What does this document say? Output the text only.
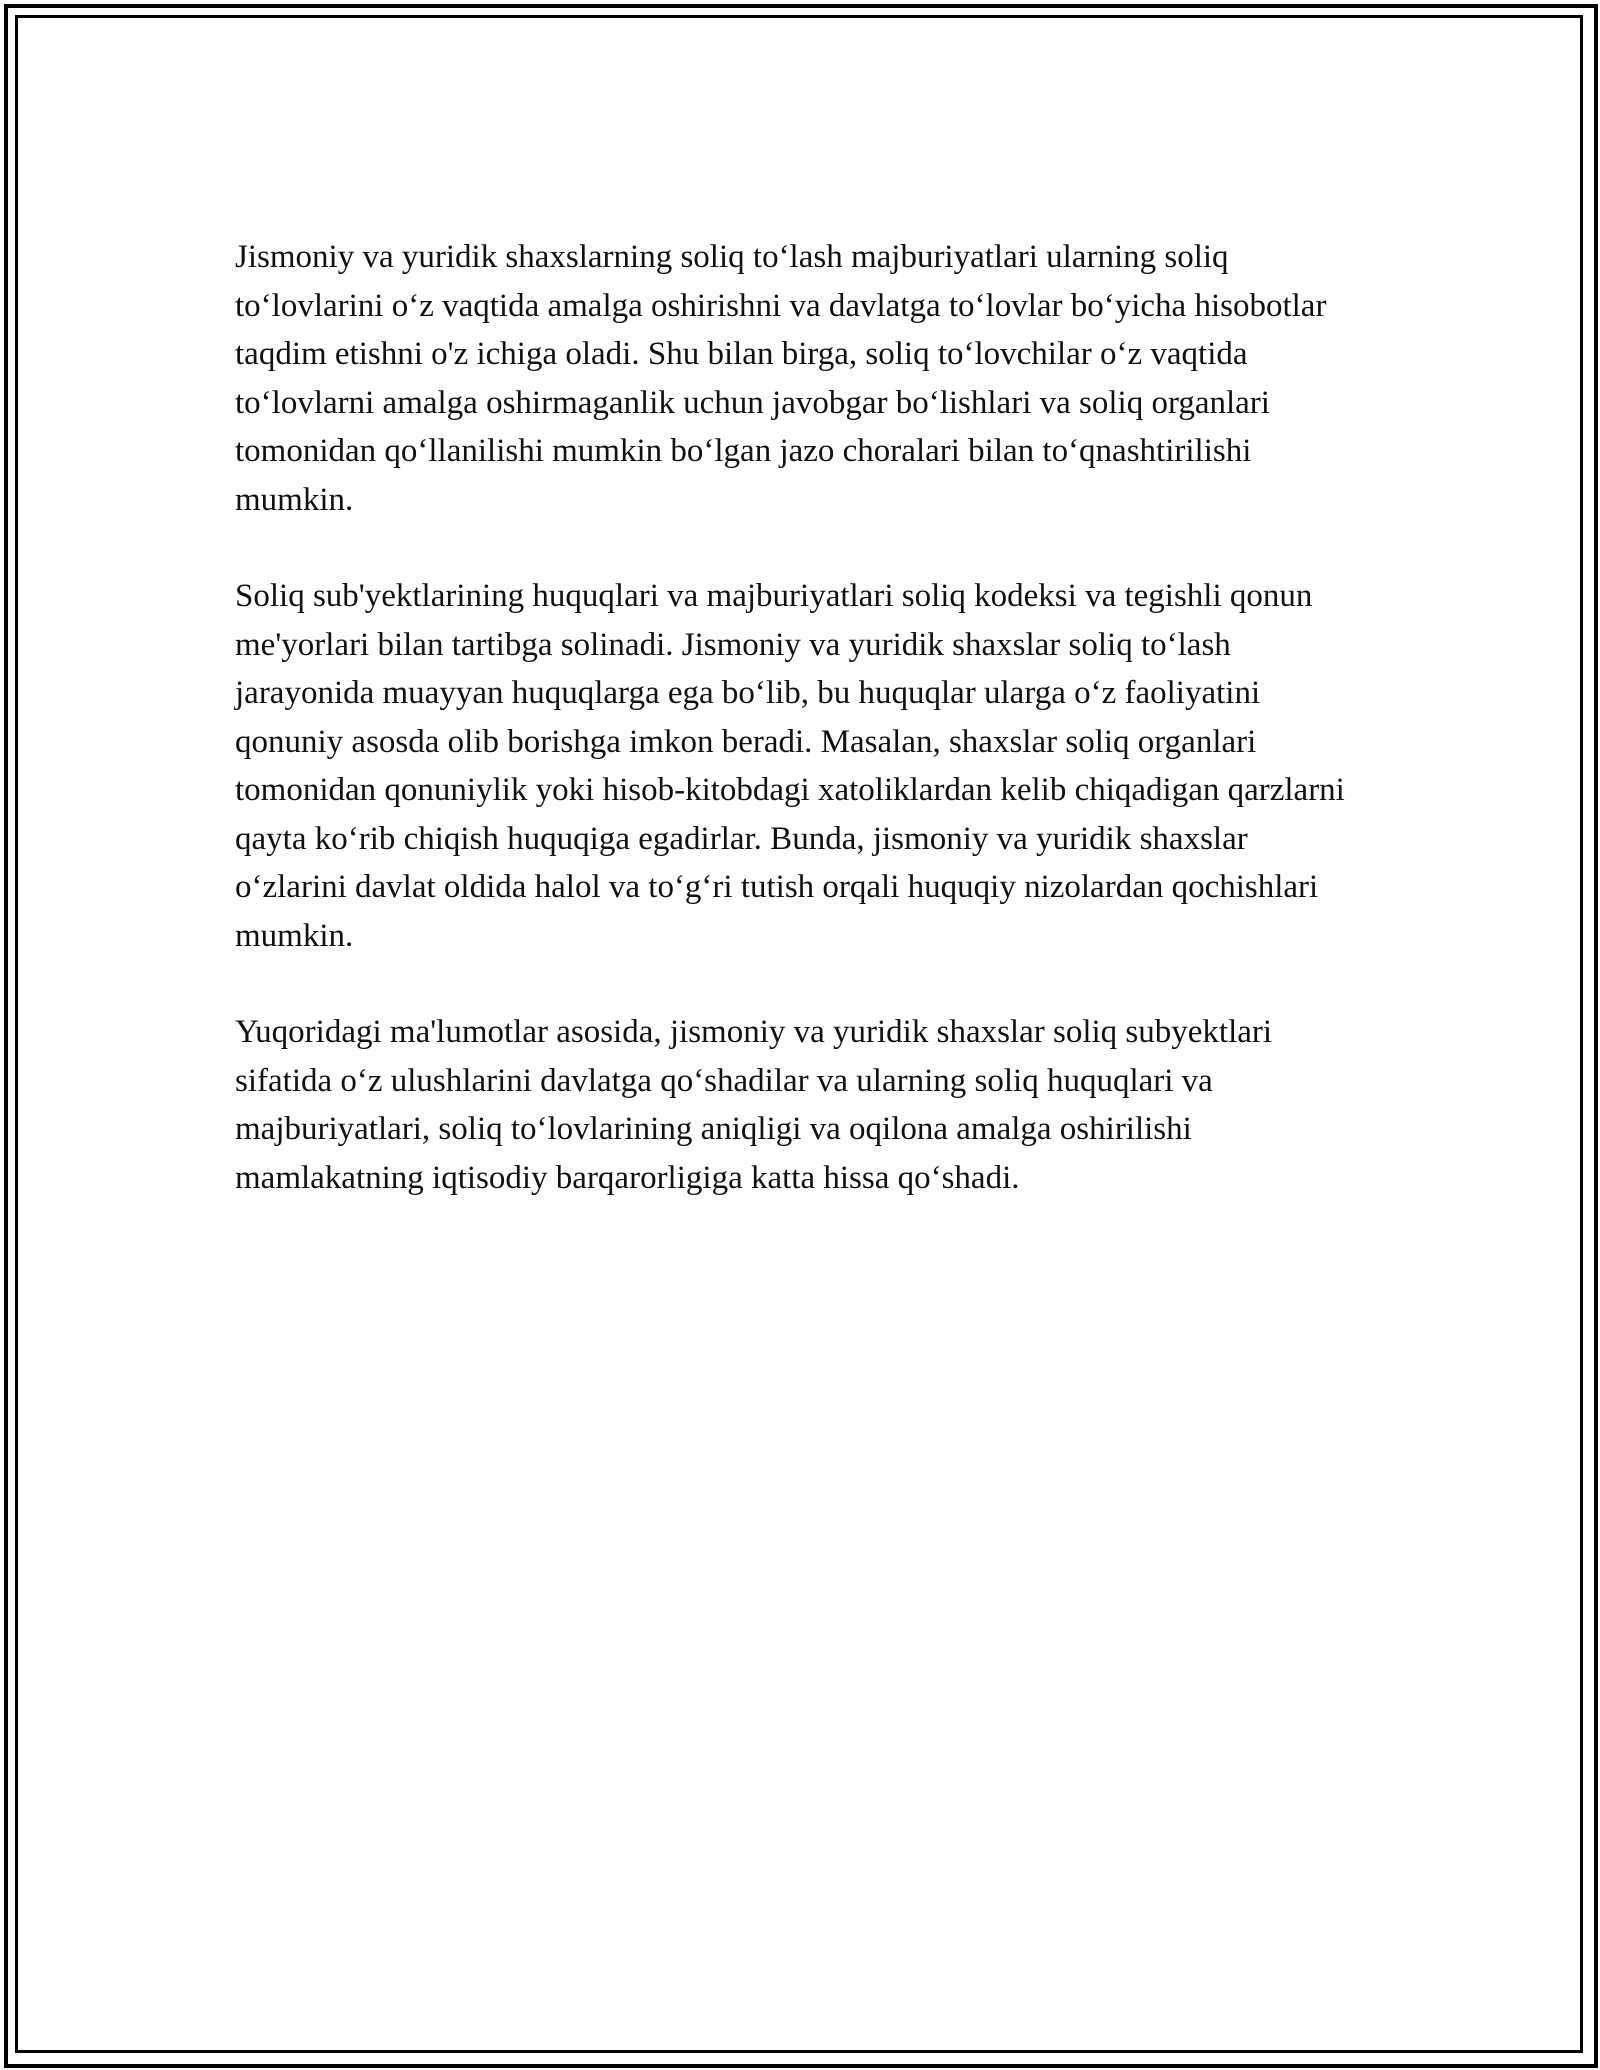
Jismoniy va yuridik shaxslarning soliq to‘lash majburiyatlari ularning soliq to‘lovlarini o‘z vaqtida amalga oshirishni va davlatga to‘lovlar bo‘yicha hisobotlar taqdim etishni o'z ichiga oladi. Shu bilan birga, soliq to‘lovchilar o‘z vaqtida to‘lovlarni amalga oshirmaganlik uchun javobgar bo‘lishlari va soliq organlari tomonidan qo‘llanilishi mumkin bo‘lgan jazo choralari bilan to‘qnashtirilishi mumkin.

Soliq sub'yektlarining huquqlari va majburiyatlari soliq kodeksi va tegishli qonun me'yorlari bilan tartibga solinadi. Jismoniy va yuridik shaxslar soliq to‘lash jarayonida muayyan huquqlarga ega bo‘lib, bu huquqlar ularga o‘z faoliyatini qonuniy asosda olib borishga imkon beradi. Masalan, shaxslar soliq organlari tomonidan qonuniylik yoki hisob-kitobdagi xatoliklardan kelib chiqadigan qarzlarni qayta ko‘rib chiqish huquqiga egadirlar. Bunda, jismoniy va yuridik shaxslar o‘zlarini davlat oldida halol va to‘g‘ri tutish orqali huquqiy nizolardan qochishlari mumkin.

Yuqoridagi ma'lumotlar asosida, jismoniy va yuridik shaxslar soliq subyektlari sifatida o‘z ulushlarini davlatga qo‘shadilar va ularning soliq huquqlari va majburiyatlari, soliq to‘lovlarining aniqligi va oqilona amalga oshirilishi mamlakatning iqtisodiy barqarorligiga katta hissa qo‘shadi.
